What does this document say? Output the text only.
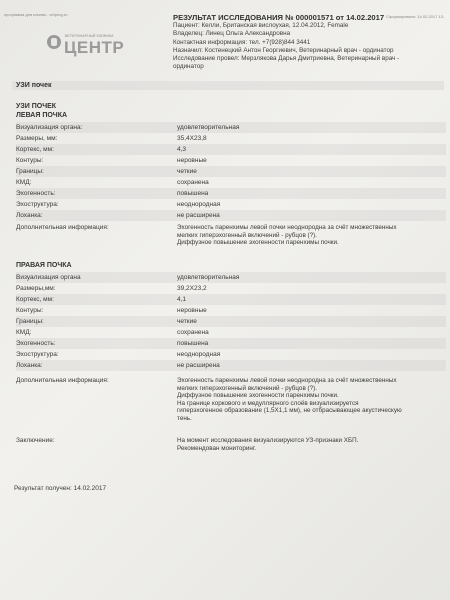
программа для клиник - vetprog.ru	Сформировано: 14.02.2017 13:
ВЕТЕРИНАРНЫЙ КЛИНИКА
ЦЕНТР
РЕЗУЛЬТАТ ИССЛЕДОВАНИЯ № 000001571 от 14.02.2017
Пациент: Келли, Британская вислоухая, 12.04.2012, Female
Владелец: Линец Ольга Александровна
Контактная информация: тел. +7(928)844 3441
Назначил: Костенецкий Антон Георгиевич, Ветеринарный врач - ординатор
Исследование провел: Мерзлякова Дарья Дмитриевна, Ветеринарный врач -
ординатор
УЗИ почек
УЗИ ПОЧЕК
ЛЕВАЯ ПОЧКА
Визуализация органа:	удовлетворительная
Размеры, мм:	35,4Х23,8
Кортекс, мм:	4,3
Контуры:	неровные
Границы:	четкие
КМД:	сохранена
Эхогенность:	повышена
Эхоструктура:	неоднородная
Лоханка:	не расширена
Дополнительная информация:	Эхогенность паренхимы левой почки неоднородна за счёт множественных
мелких гиперэхогенный включений - рубцов (?).
Диффузное повышение эхогенности паренхимы почки.
ПРАВАЯ ПОЧКА
Визуализация органа	удовлетворительная
Размеры,мм:	39,2Х23,2
Кортекс, мм:	4,1
Контуры:	неровные
Границы:	четкие
КМД:	сохранена
Эхогенность:	повышена
Эхоструктура:	неоднородная
Лоханка:	не расширена
Дополнительная информация:	Эхогенность паренхимы левой почки неоднородна за счёт множественных
мелких гиперэхогенный включений - рубцов (?).
Диффузное повышение эхогенности паренхимы почки.
На границе коркового и медуллярного слоёв визуализируется
гиперэхогенное образование (1,5Х1,1 мм), не отбрасывающее акустическую
тень.
Заключение:	На момент исследования визуализируются УЗ-признаки ХБП.
Рекомендован мониторинг.
Результат получен: 14.02.2017
